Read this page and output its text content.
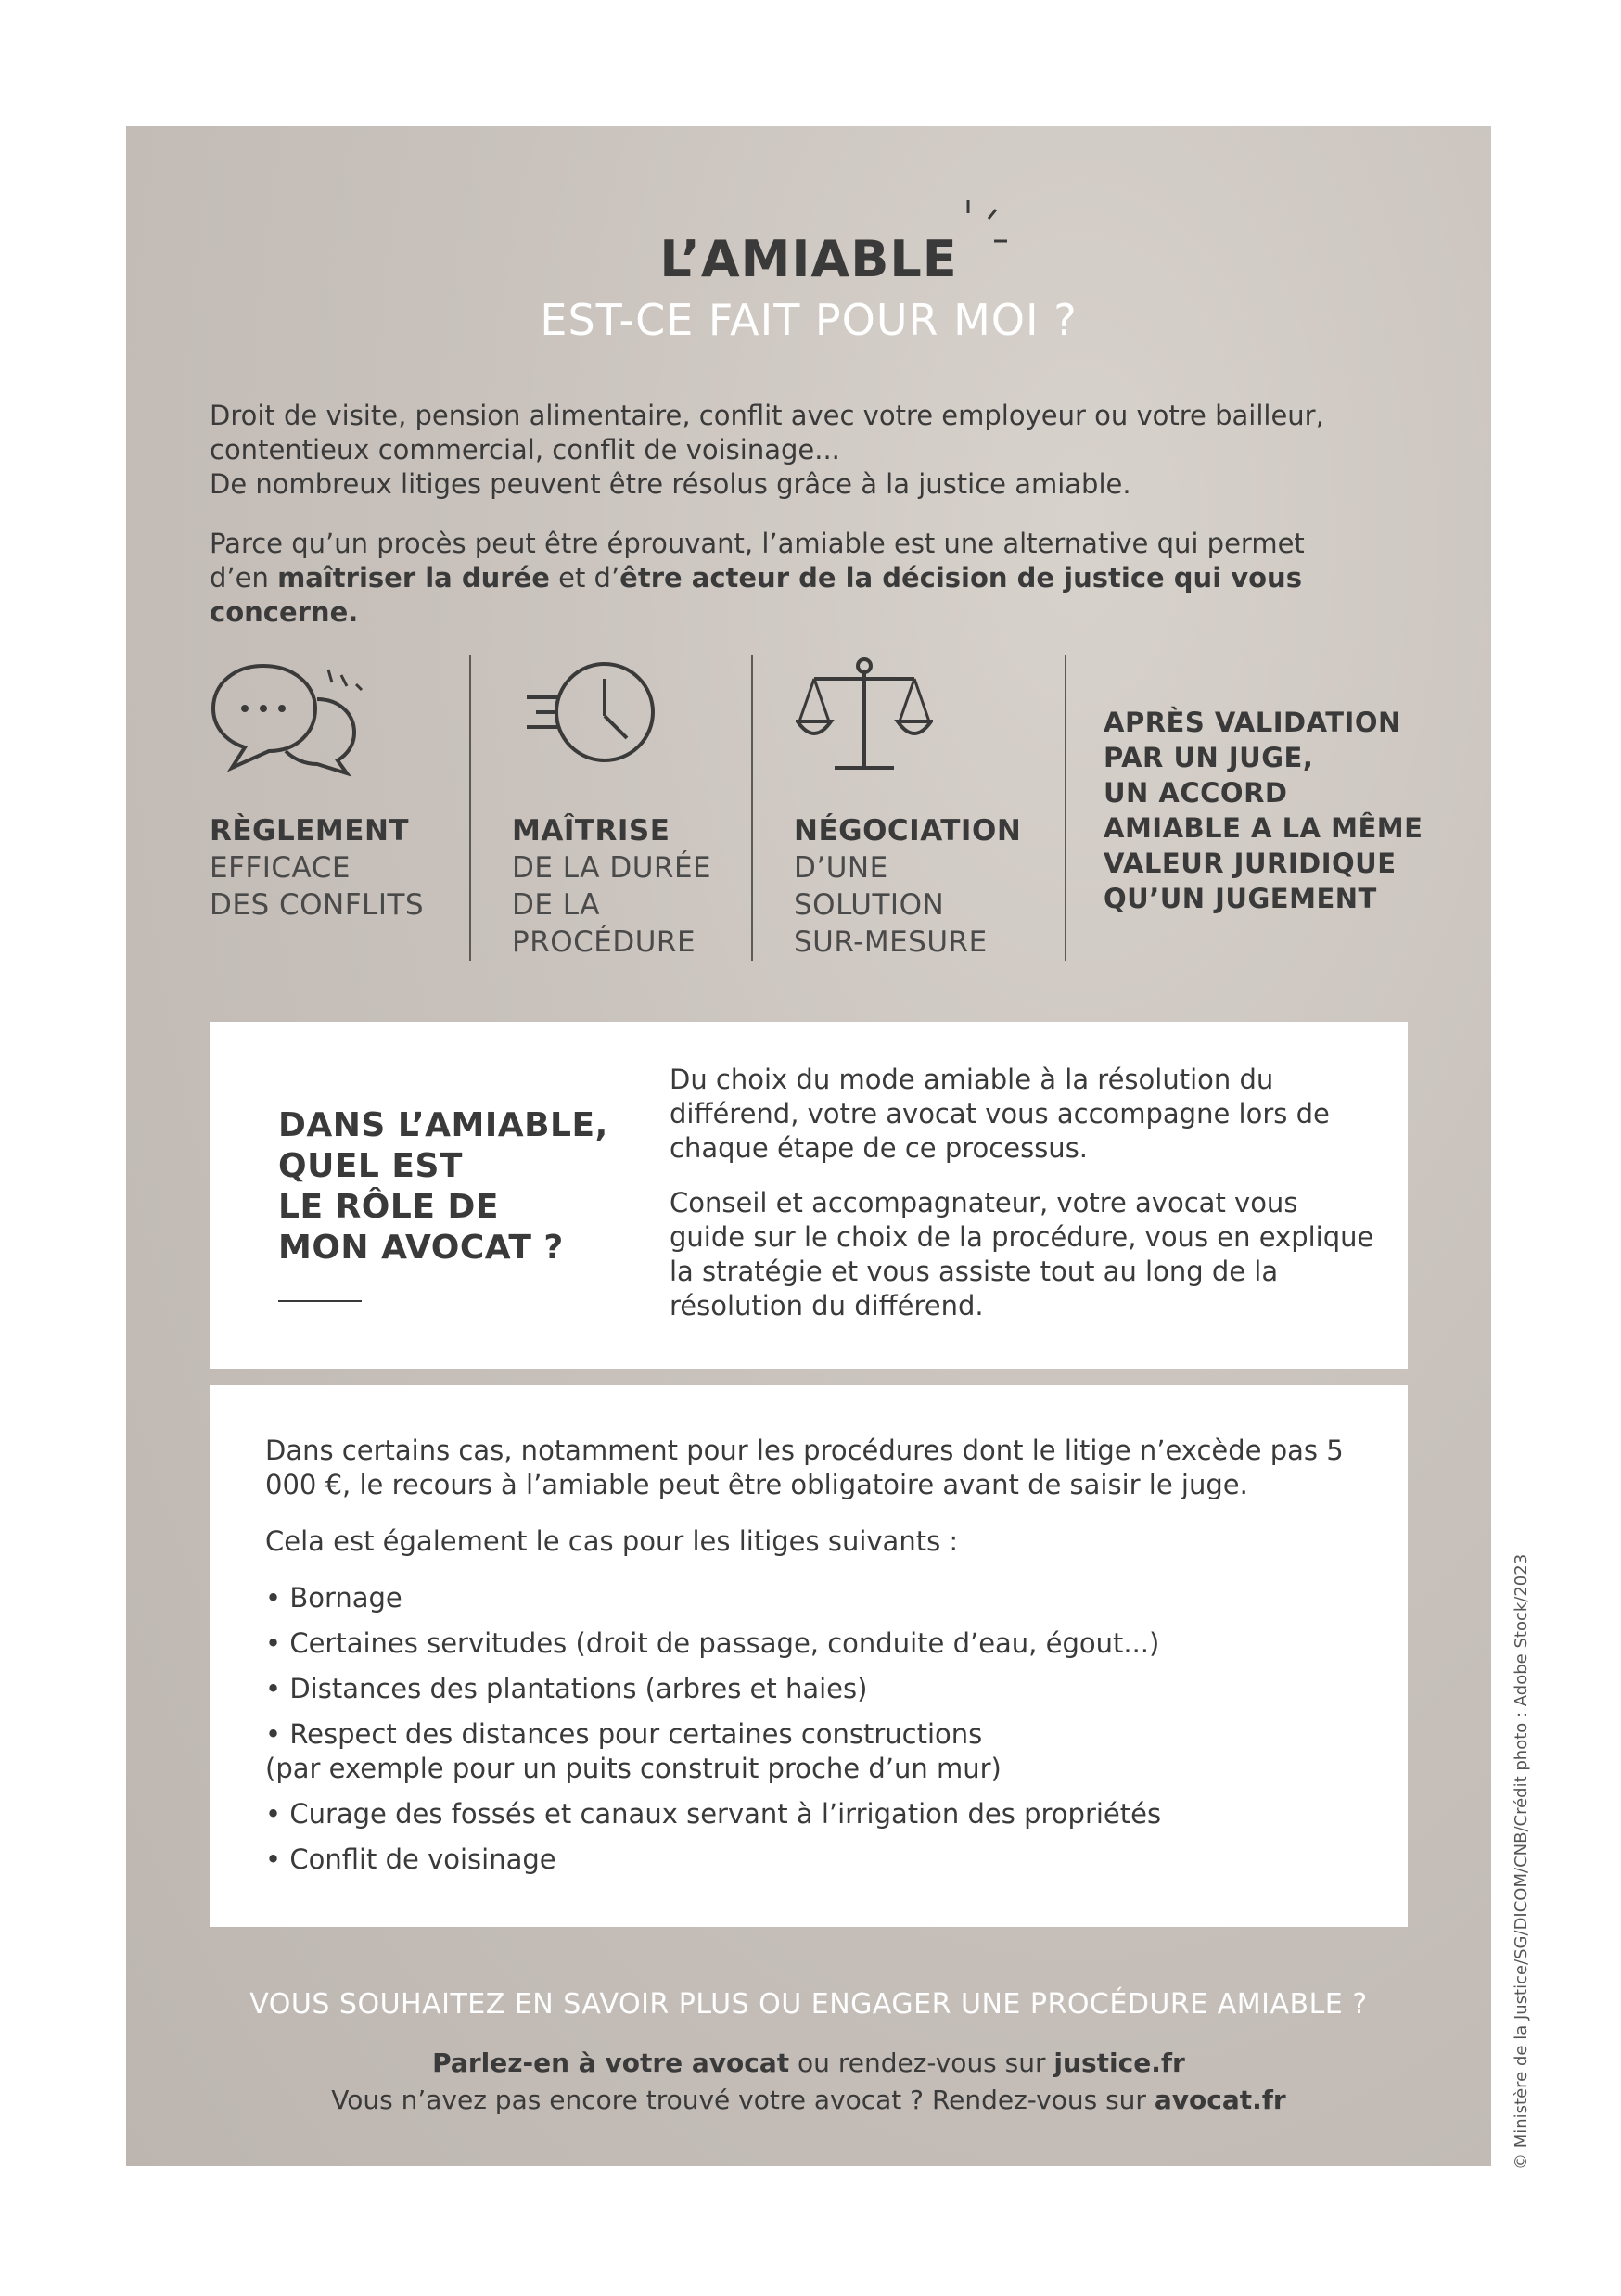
L’AMIABLE
EST-CE FAIT POUR MOI ?

Droit de visite, pension alimentaire, conflit avec votre employeur ou votre bailleur,

contentieux commercial, conflit de voisinage...

De nombreux litiges peuvent être résolus grâce à la justice amiable.

Parce qu’un procès peut être éprouvant, l’amiable est une alternative qui permet

d’en maîtriser la durée et d’être acteur de la décision de justice qui vous concerne.

RÈGLEMENT
EFFICACE
DES CONFLITS
MAÎTRISE
DE LA DURÉE
DE LA
PROCÉDURE
NÉGOCIATION
D’UNE
SOLUTION
SUR-MESURE
APRÈS VALIDATION
PAR UN JUGE,
UN ACCORD
AMIABLE A LA MÊME
VALEUR JURIDIQUE
QU’UN JUGEMENT
DANS L’AMIABLE,
QUEL EST
LE RÔLE DE
MON AVOCAT ?

Du choix du mode amiable à la résolution du différend, votre avocat vous accompagne lors de chaque étape de ce processus.

Conseil et accompagnateur, votre avocat vous guide sur le choix de la procédure, vous en explique la stratégie et vous assiste tout au long de la résolution du différend.

Dans certains cas, notamment pour les procédures dont le litige n’excède pas 5 000 €, le recours à l’amiable peut être obligatoire avant de saisir le juge.

Cela est également le cas pour les litiges suivants :

• Bornage
• Certaines servitudes (droit de passage, conduite d’eau, égout...)
• Distances des plantations (arbres et haies)
• Respect des distances pour certaines constructions
(par exemple pour un puits construit proche d’un mur)
• Curage des fossés et canaux servant à l’irrigation des propriétés
• Conflit de voisinage
VOUS SOUHAITEZ EN SAVOIR PLUS OU ENGAGER UNE PROCÉDURE AMIABLE ?
Parlez-en à votre avocat ou rendez-vous sur justice.fr
Vous n’avez pas encore trouvé votre avocat ? Rendez-vous sur avocat.fr	© Ministère de la Justice/SG/DICOM/CNB/Crédit photo : Adobe Stock/2023
